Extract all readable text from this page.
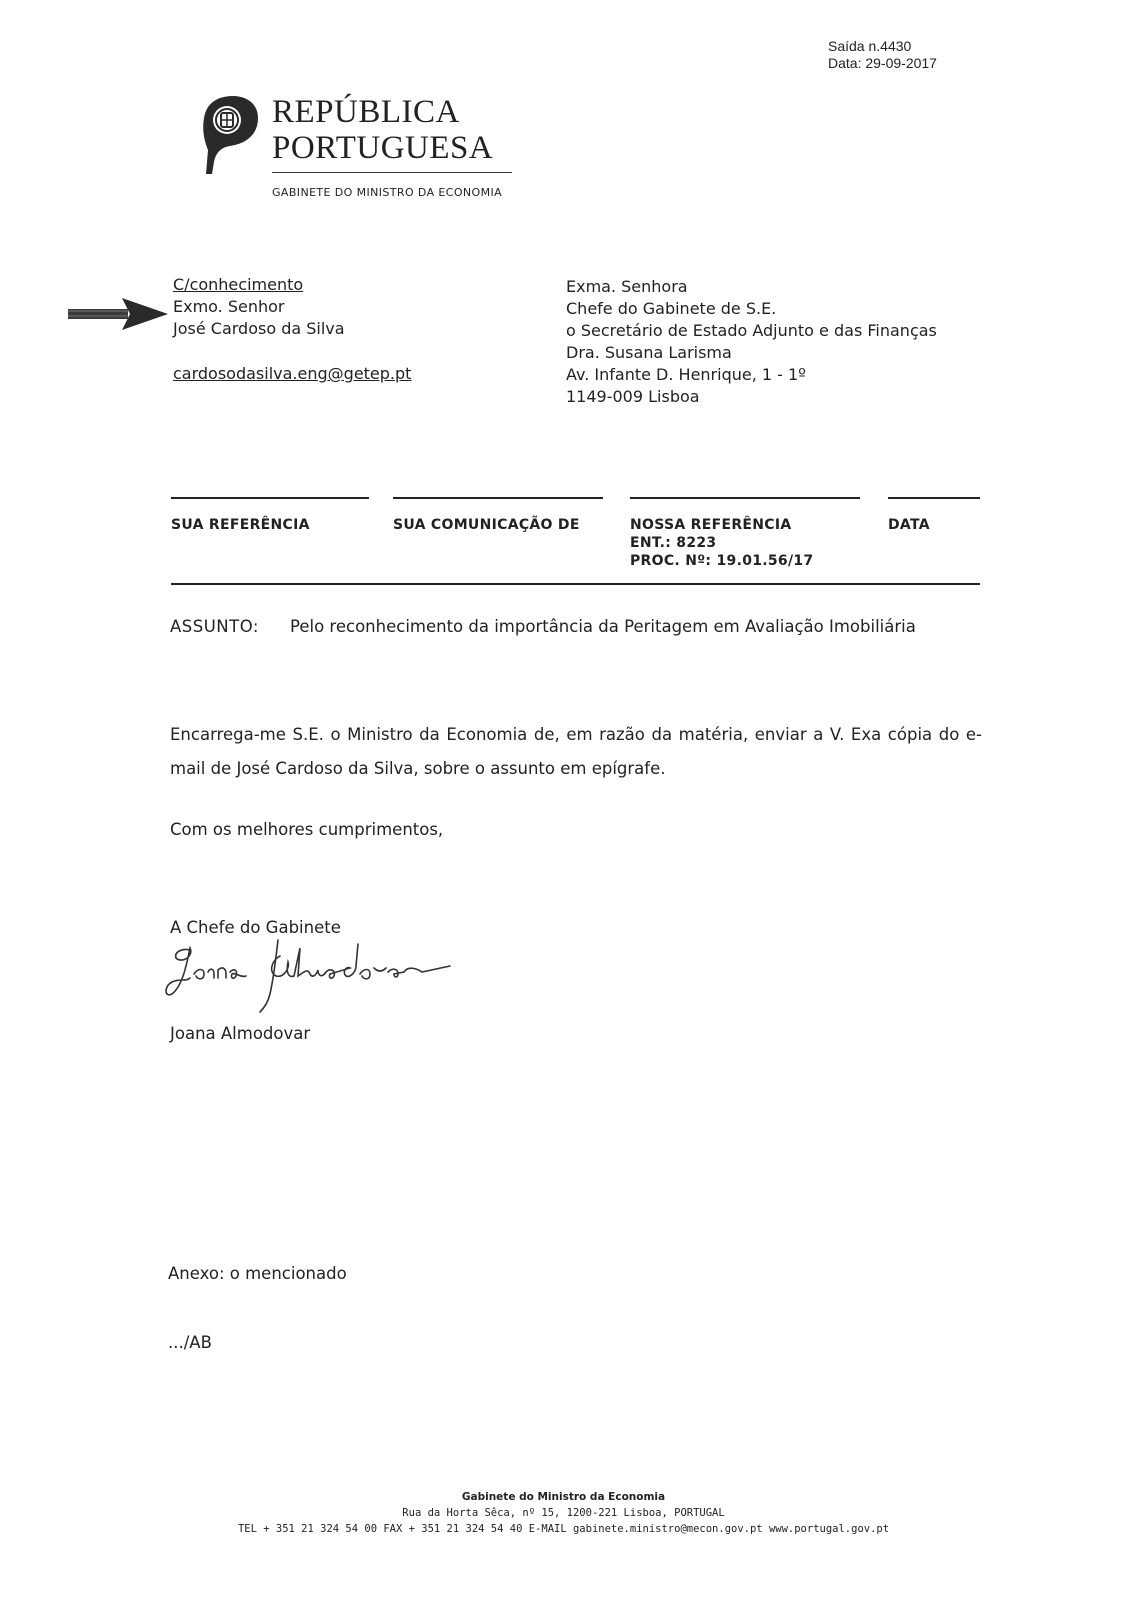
Saída n.4430
Data: 29-09-2017
REPÚBLICA
PORTUGUESA
GABINETE DO MINISTRO DA ECONOMIA
C/conhecimento
Exmo. Senhor
José Cardoso da Silva
cardosodasilva.eng@getep.pt
Exma. Senhora
Chefe do Gabinete de S.E.
o Secretário de Estado Adjunto e das Finanças
Dra. Susana Larisma
Av. Infante D. Henrique, 1 - 1º
1149-009 Lisboa
SUA REFERÊNCIA	SUA COMUNICAÇÃO DE	NOSSA REFERÊNCIA
ENT.: 8223
PROC. Nº: 19.01.56/17
DATA
ASSUNTO: Pelo reconhecimento da importância da Peritagem em Avaliação Imobiliária
Encarrega-me S.E. o Ministro da Economia de, em razão da matéria, enviar a V. Exa cópia do e-mail de José Cardoso da Silva, sobre o assunto em epígrafe.
Com os melhores cumprimentos,
A Chefe do Gabinete
Joana Almodovar
Anexo: o mencionado
.../AB
Gabinete do Ministro da Economia
Rua da Horta Sêca, nº 15, 1200-221 Lisboa, PORTUGAL
TEL + 351 21 324 54 00 FAX + 351 21 324 54 40 E-MAIL gabinete.ministro@mecon.gov.pt www.portugal.gov.pt
